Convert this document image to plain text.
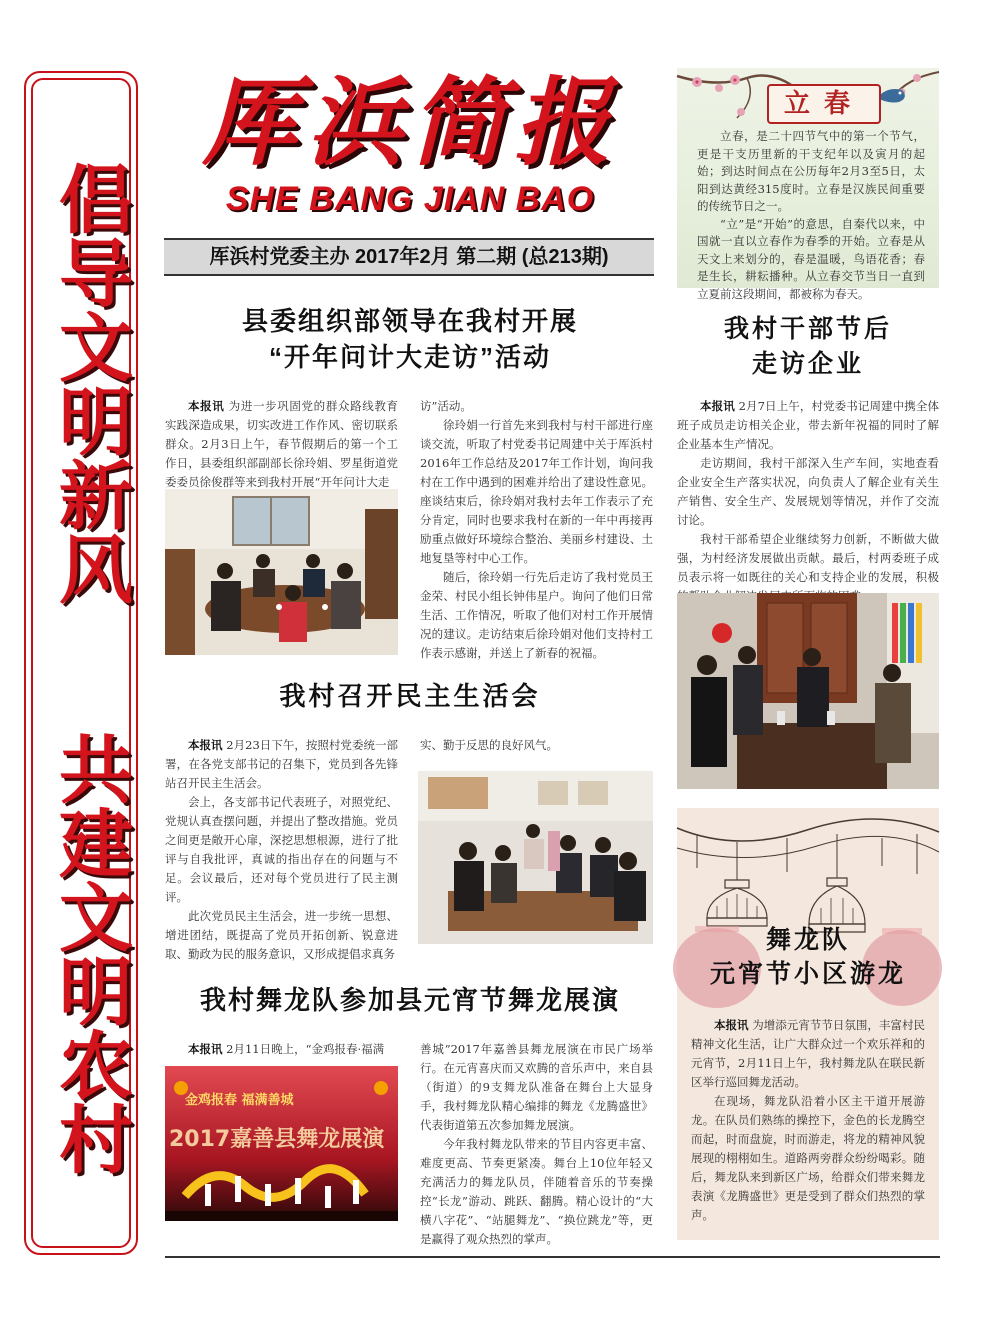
倡导文明新风
共建文明农村
厍浜简报
SHE BANG JIAN BAO
厍浜村党委主办 2017年2月 第二期 (总213期)
立春

立春，是二十四节气中的第一个节气，更是干支历里新的干支纪年以及寅月的起始；到达时间点在公历每年2月3至5日，太阳到达黄经315度时。立春是汉族民间重要的传统节日之一。

“立”是“开始”的意思，自秦代以来，中国就一直以立春作为春季的开始。立春是从天文上来划分的，春是温暖，鸟语花香；春是生长，耕耘播种。从立春交节当日一直到立夏前这段期间，都被称为春天。

县委组织部领导在我村开展
“开年问计大走访”活动

本报讯 为进一步巩固党的群众路线教育实践深造成果，切实改进工作作风、密切联系群众。2月3日上午，春节假期后的第一个工作日，县委组织部副部长徐玲娟、罗星街道党委委员徐俊群等来到我村开展“开年问计大走

访”活动。

徐玲娟一行首先来到我村与村干部进行座谈交流，听取了村党委书记周建中关于厍浜村2016年工作总结及2017年工作计划，询问我村在工作中遇到的困难并给出了建设性意见。座谈结束后，徐玲娟对我村去年工作表示了充分肯定，同时也要求我村在新的一年中再接再励重点做好环境综合整治、美丽乡村建设、土地复垦等村中心工作。

随后，徐玲娟一行先后走访了我村党员王金荣、村民小组长钟伟星户。询问了他们日常生活、工作情况，听取了他们对村工作开展情况的建议。走访结束后徐玲娟对他们支持村工作表示感谢，并送上了新春的祝福。

我村召开民主生活会

本报讯 2月23日下午，按照村党委统一部署，在各党支部书记的召集下，党员到各先锋站召开民主生活会。

会上，各支部书记代表班子，对照党纪、党规认真查摆问题，并提出了整改措施。党员之间更是敞开心扉，深挖思想根源，进行了批评与自我批评，真诚的指出存在的问题与不足。会议最后，还对每个党员进行了民主测评。

此次党员民主生活会，进一步统一思想、增进团结，既提高了党员开拓创新、锐意进取、勤政为民的服务意识，又形成提倡求真务

实、勤于反思的良好风气。
我村舞龙队参加县元宵节舞龙展演

本报讯 2月11日晚上，“金鸡报春·福满

金鸡报春 福满善城
2017嘉善县舞龙展演
善城”2017年嘉善县舞龙展演在市民广场举行。在元宵喜庆而又欢腾的音乐声中，来自县（街道）的9支舞龙队准备在舞台上大显身手，我村舞龙队精心编排的舞龙《龙腾盛世》代表街道第五次参加舞龙展演。

今年我村舞龙队带来的节目内容更丰富、难度更高、节奏更紧凑。舞台上10位年轻又充满活力的舞龙队员，伴随着音乐的节奏操控“长龙”游动、跳跃、翻腾。精心设计的“大横八字花”、“站腿舞龙”、“换位跳龙”等，更是赢得了观众热烈的掌声。

我村干部节后
走访企业

本报讯 2月7日上午，村党委书记周建中携全体班子成员走访相关企业，带去新年祝福的同时了解企业基本生产情况。

走访期间，我村干部深入生产车间，实地查看企业安全生产落实状况，向负责人了解企业有关生产销售、安全生产、发展规划等情况，并作了交流讨论。

我村干部希望企业继续努力创新，不断做大做强，为村经济发展做出贡献。最后，村两委班子成员表示将一如既往的关心和支持企业的发展，积极

舞龙队
元宵节小区游龙

本报讯 为增添元宵节节日氛围，丰富村民精神文化生活，让广大群众过一个欢乐祥和的元宵节，2月11日上午，我村舞龙队在联民新区举行巡回舞龙活动。

在现场，舞龙队沿着小区主干道开展游龙。在队员们熟练的操控下，金色的长龙腾空而起，时而盘旋，时而游走，将龙的精神风貌展现的栩栩如生。道路两旁群众纷纷喝彩。随后，舞龙队来到新区广场，给群众们带来舞龙表演《龙腾盛世》更是受到了群众们热烈的掌声。
